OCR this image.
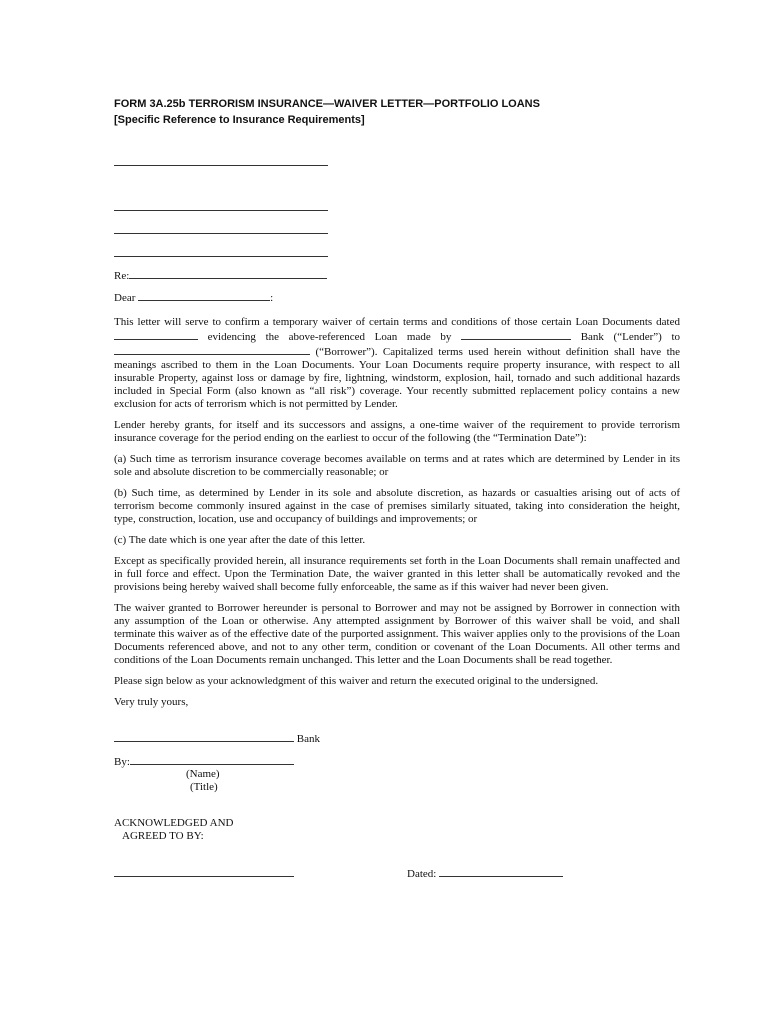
FORM 3A.25b TERRORISM INSURANCE—WAIVER LETTER—PORTFOLIO LOANS
[Specific Reference to Insurance Requirements]
Re:
Dear	:

This letter will serve to confirm a temporary waiver of certain terms and conditions of those certain Loan Documents dated  evidencing the above-referenced Loan made by	Bank (“Lender”) to  (“Borrower”). Capitalized terms used herein without definition shall have the meanings ascribed to them in the Loan Documents. Your Loan Documents require property insurance, with respect to all insurable Property, against loss or damage by fire, lightning, windstorm, explosion, hail, tornado and such additional hazards included in Special Form (also known as “all risk”) coverage. Your recently submitted replacement policy contains a new exclusion for acts of terrorism which is not permitted by Lender.

Lender hereby grants, for itself and its successors and assigns, a one-time waiver of the requirement to provide terrorism insurance coverage for the period ending on the earliest to occur of the following (the “Termination Date”):

(a) Such time as terrorism insurance coverage becomes available on terms and at rates which are determined by Lender in its sole and absolute discretion to be commercially reasonable; or

(b) Such time, as determined by Lender in its sole and absolute discretion, as hazards or casualties arising out of acts of terrorism become commonly insured against in the case of premises similarly situated, taking into consideration the height, type, construction, location, use and occupancy of buildings and improvements; or

(c) The date which is one year after the date of this letter.

Except as specifically provided herein, all insurance requirements set forth in the Loan Documents shall remain unaffected and in full force and effect. Upon the Termination Date, the waiver granted in this letter shall be automatically revoked and the provisions being hereby waived shall become fully enforceable, the same as if this waiver had never been given.

The waiver granted to Borrower hereunder is personal to Borrower and may not be assigned by Borrower in connection with any assumption of the Loan or otherwise. Any attempted assignment by Borrower of this waiver shall be void, and shall terminate this waiver as of the effective date of the purported assignment. This waiver applies only to the provisions of the Loan Documents referenced above, and not to any other term, condition or covenant of the Loan Documents. All other terms and conditions of the Loan Documents remain unchanged. This letter and the Loan Documents shall be read together.

Please sign below as your acknowledgment of this waiver and return the executed original to the undersigned.

Very truly yours,

Bank
By:
(Name)
(Title)
ACKNOWLEDGED AND
AGREED TO BY:
Dated:
